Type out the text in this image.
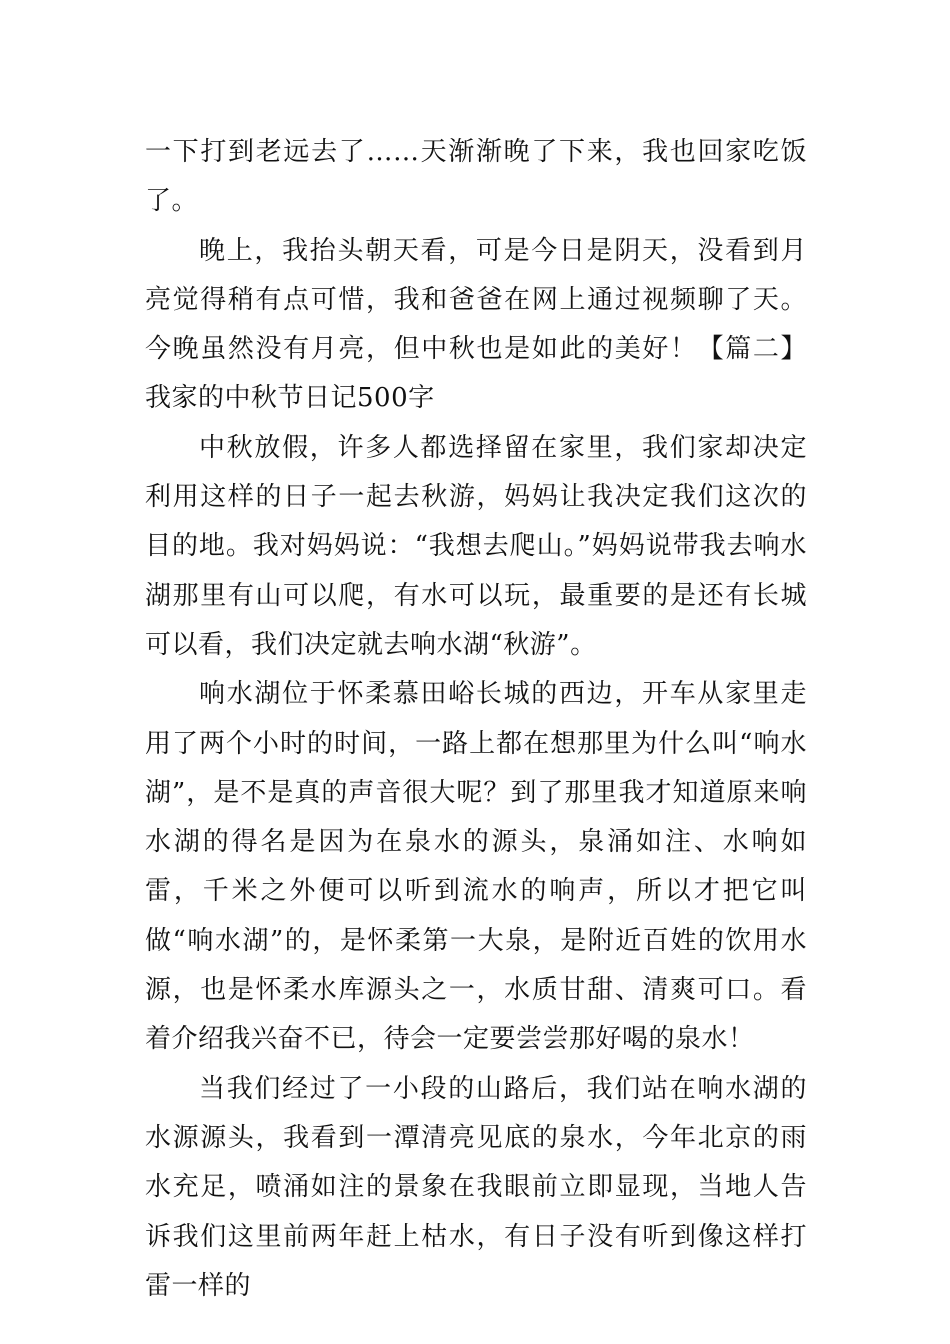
一下打到老远去了……天渐渐晚了下来，我也回家吃饭了。

晚上，我抬头朝天看，可是今日是阴天，没看到月亮觉得稍有点可惜，我和爸爸在网上通过视频聊了天。今晚虽然没有月亮，但中秋也是如此的美好！【篇二】我家的中秋节日记500字

中秋放假，许多人都选择留在家里，我们家却决定利用这样的日子一起去秋游，妈妈让我决定我们这次的目的地。我对妈妈说：“我想去爬山。”妈妈说带我去响水湖那里有山可以爬，有水可以玩，最重要的是还有长城可以看，我们决定就去响水湖“秋游”。

响水湖位于怀柔慕田峪长城的西边，开车从家里走用了两个小时的时间，一路上都在想那里为什么叫“响水湖”，是不是真的声音很大呢？到了那里我才知道原来响水湖的得名是因为在泉水的源头，泉涌如注、水响如雷，千米之外便可以听到流水的响声，所以才把它叫做“响水湖”的，是怀柔第一大泉，是附近百姓的饮用水源，也是怀柔水库源头之一，水质甘甜、清爽可口。看着介绍我兴奋不已，待会一定要尝尝那好喝的泉水！

当我们经过了一小段的山路后，我们站在响水湖的水源源头，我看到一潭清亮见底的泉水，今年北京的雨水充足，喷涌如注的景象在我眼前立即显现，当地人告诉我们这里前两年赶上枯水，有日子没有听到像这样打雷一样的
